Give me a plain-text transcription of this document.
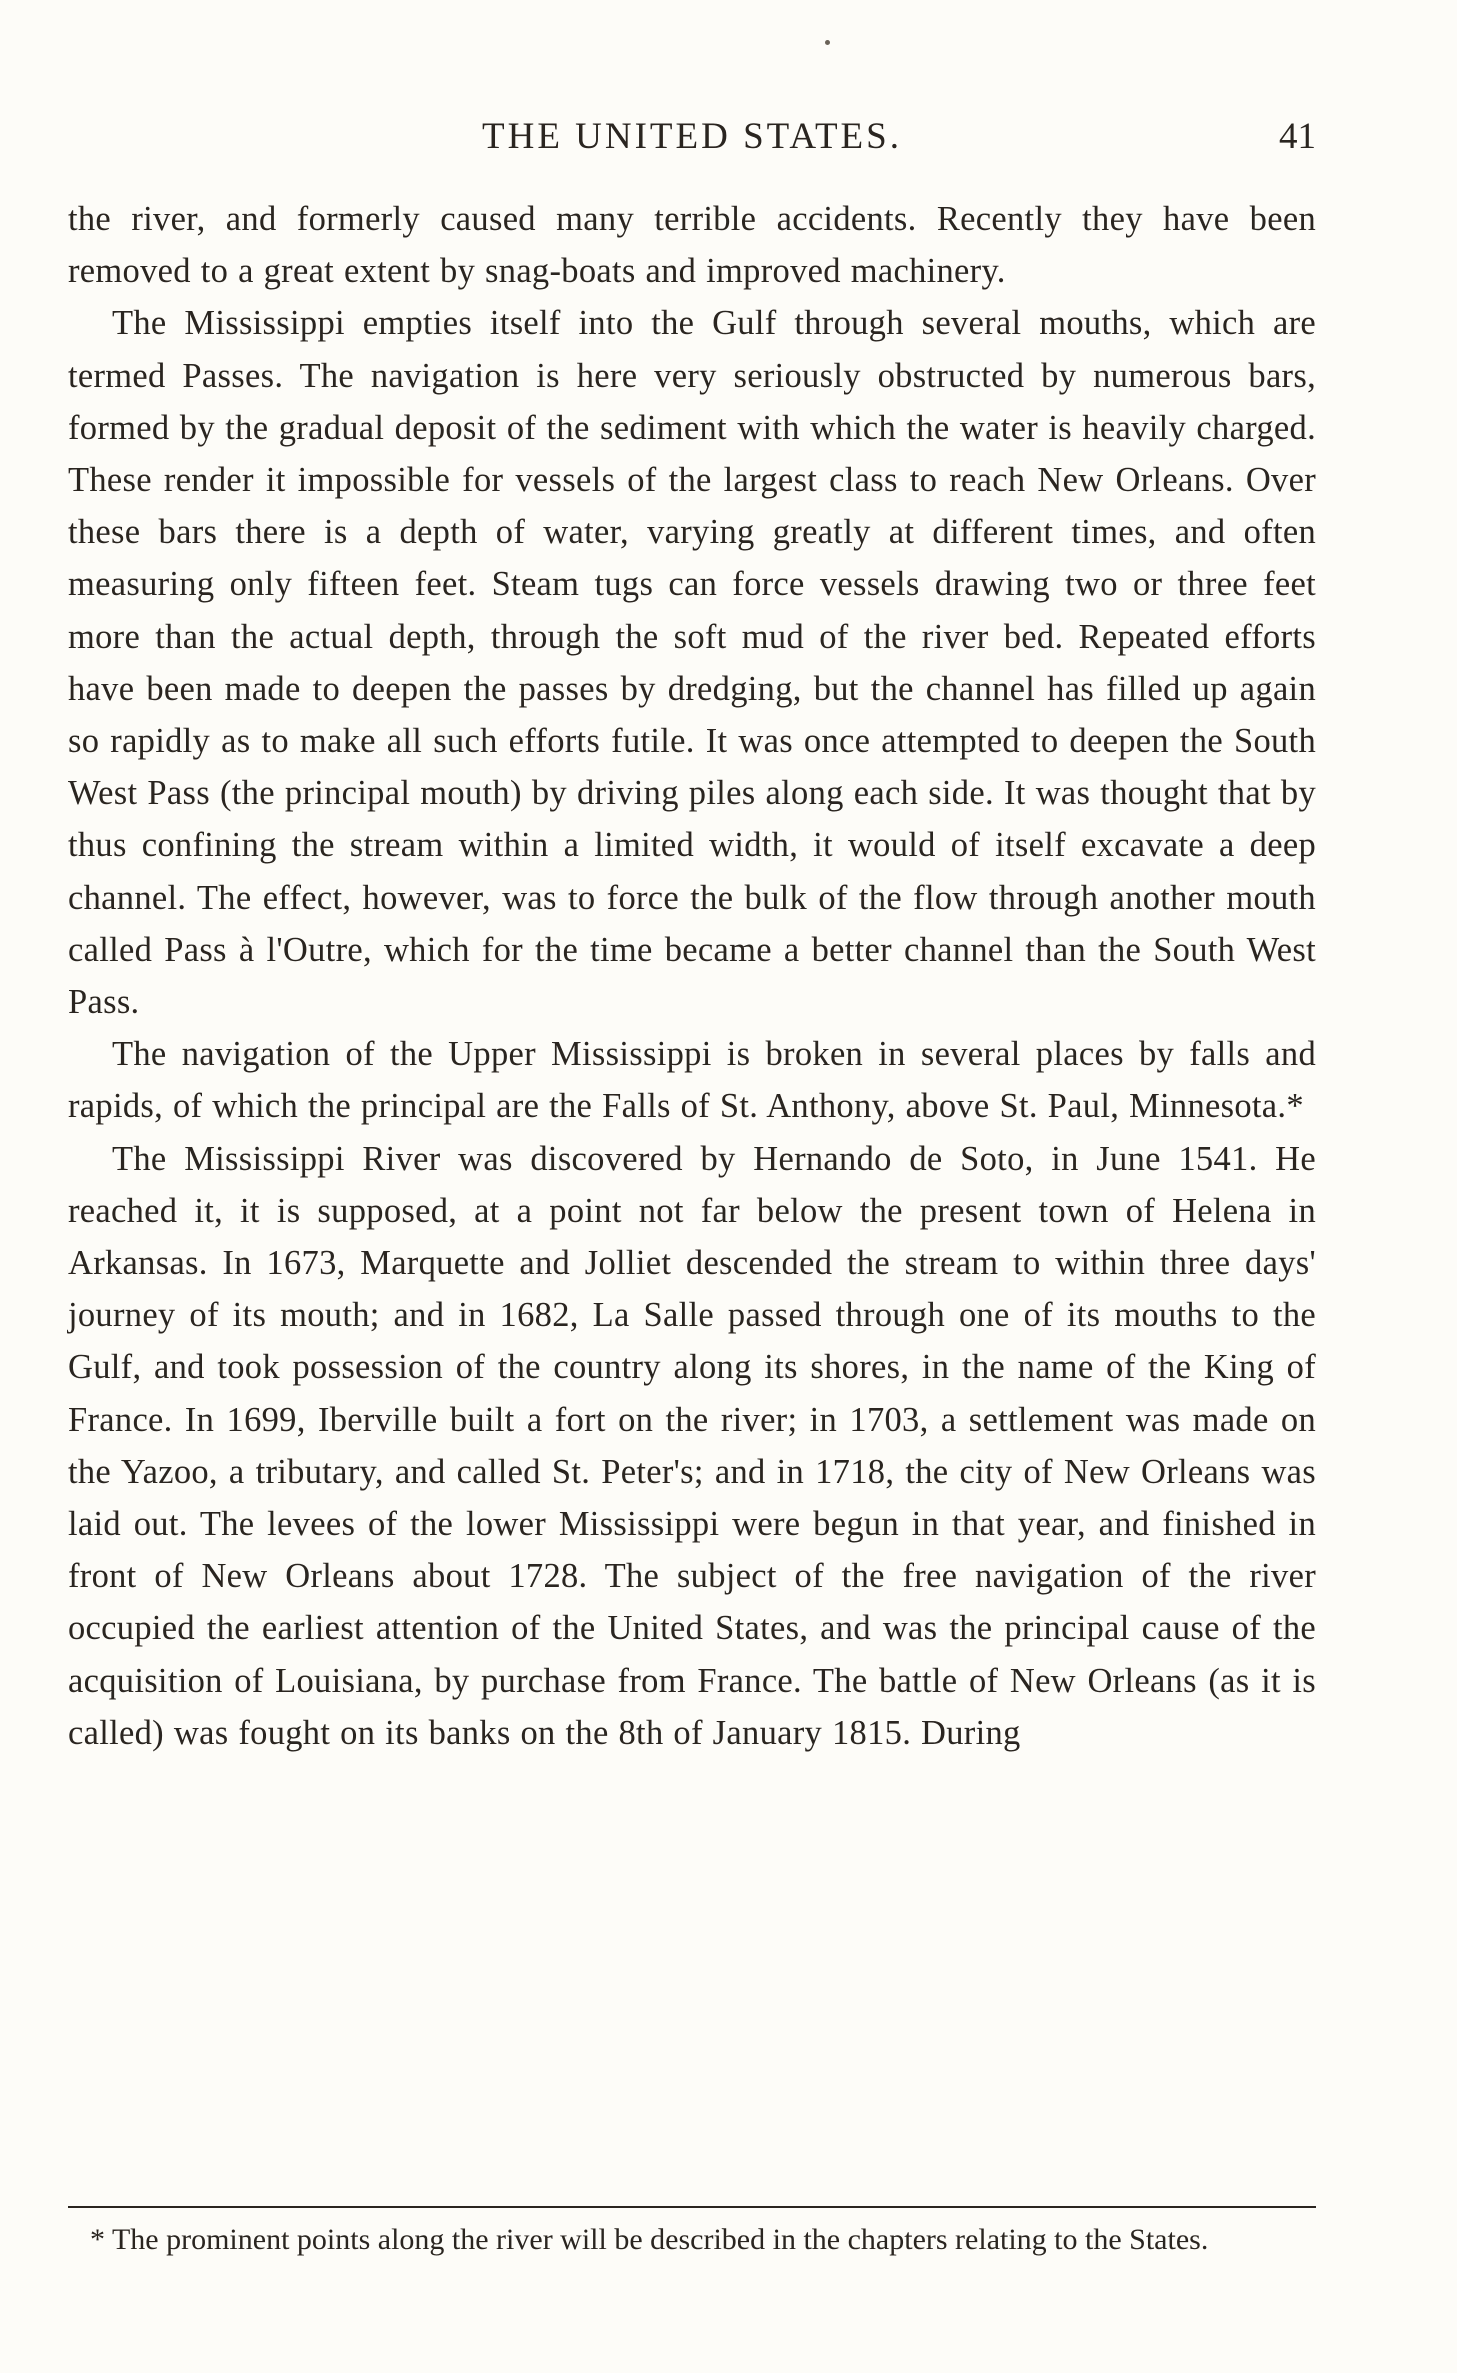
THE UNITED STATES.	41

the river, and formerly caused many terrible accidents. Recently they have been removed to a great extent by snag-boats and improved machinery.

The Mississippi empties itself into the Gulf through several mouths, which are termed Passes. The navigation is here very seriously obstructed by numerous bars, formed by the gradual deposit of the sediment with which the water is heavily charged. These render it impossible for vessels of the largest class to reach New Orleans. Over these bars there is a depth of water, varying greatly at different times, and often measuring only fifteen feet. Steam tugs can force vessels drawing two or three feet more than the actual depth, through the soft mud of the river bed. Repeated efforts have been made to deepen the passes by dredging, but the channel has filled up again so rapidly as to make all such efforts futile. It was once attempted to deepen the South West Pass (the principal mouth) by driving piles along each side. It was thought that by thus confining the stream within a limited width, it would of itself excavate a deep channel. The effect, however, was to force the bulk of the flow through another mouth called Pass à l'Outre, which for the time became a better channel than the South West Pass.

The navigation of the Upper Mississippi is broken in several places by falls and rapids, of which the principal are the Falls of St. Anthony, above St. Paul, Minnesota.*

The Mississippi River was discovered by Hernando de Soto, in June 1541. He reached it, it is supposed, at a point not far below the present town of Helena in Arkansas. In 1673, Marquette and Jolliet descended the stream to within three days' journey of its mouth; and in 1682, La Salle passed through one of its mouths to the Gulf, and took possession of the country along its shores, in the name of the King of France. In 1699, Iberville built a fort on the river; in 1703, a settlement was made on the Yazoo, a tributary, and called St. Peter's; and in 1718, the city of New Orleans was laid out. The levees of the lower Mississippi were begun in that year, and finished in front of New Orleans about 1728. The subject of the free navigation of the river occupied the earliest attention of the United States, and was the principal cause of the acquisition of Louisiana, by purchase from France. The battle of New Orleans (as it is called) was fought on its banks on the 8th of January 1815. During

* The prominent points along the river will be described in the chapters relating to the States.
